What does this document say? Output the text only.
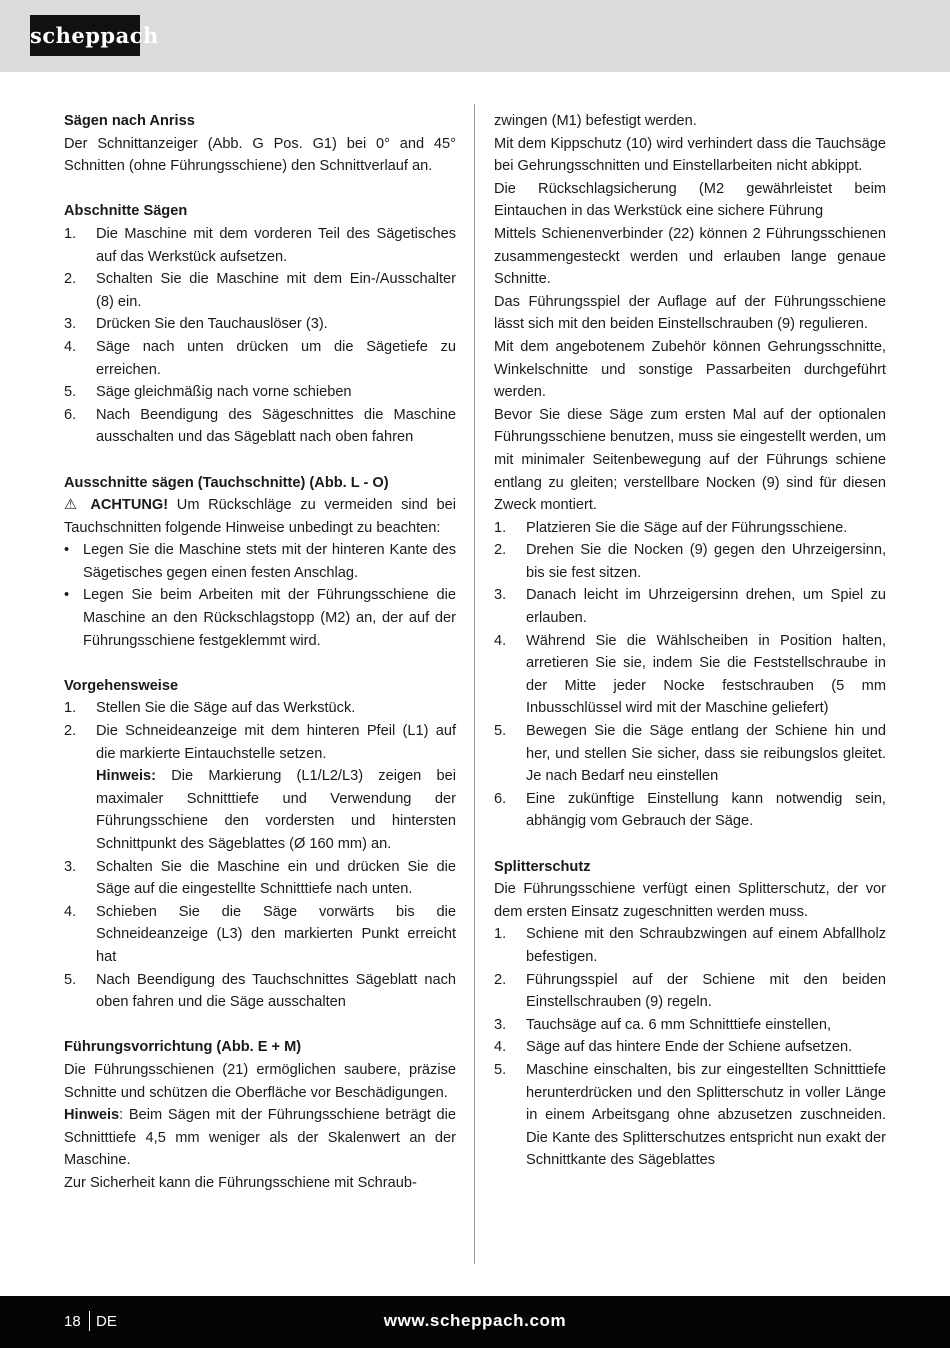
scheppach
Sägen nach Anriss

Der Schnittanzeiger (Abb. G Pos. G1) bei 0° and 45° Schnitten (ohne Führungsschiene) den Schnittverlauf an.

Abschnitte Sägen
1. Die Maschine mit dem vorderen Teil des Sägetisches auf das Werkstück aufsetzen.
2. Schalten Sie die Maschine mit dem Ein-/Ausschalter (8) ein.
3. Drücken Sie den Tauchauslöser (3).
4. Säge nach unten drücken um die Sägetiefe zu erreichen.
5. Säge gleichmäßig nach vorne schieben
6. Nach Beendigung des Sägeschnittes die Maschine ausschalten und das Sägeblatt nach oben fahren
Ausschnitte sägen (Tauchschnitte) (Abb. L - O)

⚠ ACHTUNG! Um Rückschläge zu vermeiden sind bei Tauchschnitten folgende Hinweise unbedingt zu beachten:

• Legen Sie die Maschine stets mit der hinteren Kante des Sägetisches gegen einen festen Anschlag.
• Legen Sie beim Arbeiten mit der Führungsschiene die Maschine an den Rückschlagstopp (M2) an, der auf der Führungsschiene festgeklemmt wird.
Vorgehensweise
1. Stellen Sie die Säge auf das Werkstück.
2. Die Schneideanzeige mit dem hinteren Pfeil (L1) auf die markierte Eintauchstelle setzen.
Hinweis: Die Markierung (L1/L2/L3) zeigen bei maximaler Schnitttiefe und Verwendung der Führungsschiene den vordersten und hintersten Schnittpunkt des Sägeblattes (Ø 160 mm) an.
3. Schalten Sie die Maschine ein und drücken Sie die Säge auf die eingestellte Schnitttiefe nach unten.
4. Schieben Sie die Säge vorwärts bis die Schneideanzeige (L3) den markierten Punkt erreicht hat
5. Nach Beendigung des Tauchschnittes Sägeblatt nach oben fahren und die Säge ausschalten
Führungsvorrichtung (Abb. E + M)

Die Führungsschienen (21) ermöglichen saubere, präzise Schnitte und schützen die Oberfläche vor Beschädigungen.

Hinweis: Beim Sägen mit der Führungsschiene beträgt die Schnitttiefe 4,5 mm weniger als der Skalenwert an der Maschine.

Zur Sicherheit kann die Führungsschiene mit Schraub-

zwingen (M1) befestigt werden.

Mit dem Kippschutz (10) wird verhindert dass die Tauchsäge bei Gehrungsschnitten und Einstellarbeiten nicht abkippt.

Die Rückschlagsicherung (M2 gewährleistet beim Eintauchen in das Werkstück eine sichere Führung

Mittels Schienenverbinder (22) können 2 Führungsschienen zusammengesteckt werden und erlauben lange genaue Schnitte.

Das Führungsspiel der Auflage auf der Führungsschiene lässt sich mit den beiden Einstellschrauben (9) regulieren.

Mit dem angebotenem Zubehör können Gehrungsschnitte, Winkelschnitte und sonstige Passarbeiten durchgeführt werden.

Bevor Sie diese Säge zum ersten Mal auf der optionalen Führungsschiene benutzen, muss sie eingestellt werden, um mit minimaler Seitenbewegung auf der Führungs schiene entlang zu gleiten; verstellbare Nocken (9) sind für diesen Zweck montiert.

1. Platzieren Sie die Säge auf der Führungsschiene.
2. Drehen Sie die Nocken (9) gegen den Uhrzeigersinn, bis sie fest sitzen.
3. Danach leicht im Uhrzeigersinn drehen, um Spiel zu erlauben.
4. Während Sie die Wählscheiben in Position halten, arretieren Sie sie, indem Sie die Feststellschraube in der Mitte jeder Nocke festschrauben (5 mm Inbusschlüssel wird mit der Maschine geliefert)
5. Bewegen Sie die Säge entlang der Schiene hin und her, und stellen Sie sicher, dass sie reibungslos gleitet. Je nach Bedarf neu einstellen
6. Eine zukünftige Einstellung kann notwendig sein, abhängig vom Gebrauch der Säge.
Splitterschutz

Die Führungsschiene verfügt einen Splitterschutz, der vor dem ersten Einsatz zugeschnitten werden muss.

1. Schiene mit den Schraubzwingen auf einem Abfallholz befestigen.
2. Führungsspiel auf der Schiene mit den beiden Einstellschrauben (9) regeln.
3. Tauchsäge auf ca. 6 mm Schnitttiefe einstellen,
4. Säge auf das hintere Ende der Schiene aufsetzen.
5. Maschine einschalten, bis zur eingestellten Schnitttiefe herunterdrücken und den Splitterschutz in voller Länge in einem Arbeitsgang ohne abzusetzen zuschneiden. Die Kante des Splitterschutzes entspricht nun exakt der Schnittkante des Sägeblattes
18 DE	www.scheppach.com
